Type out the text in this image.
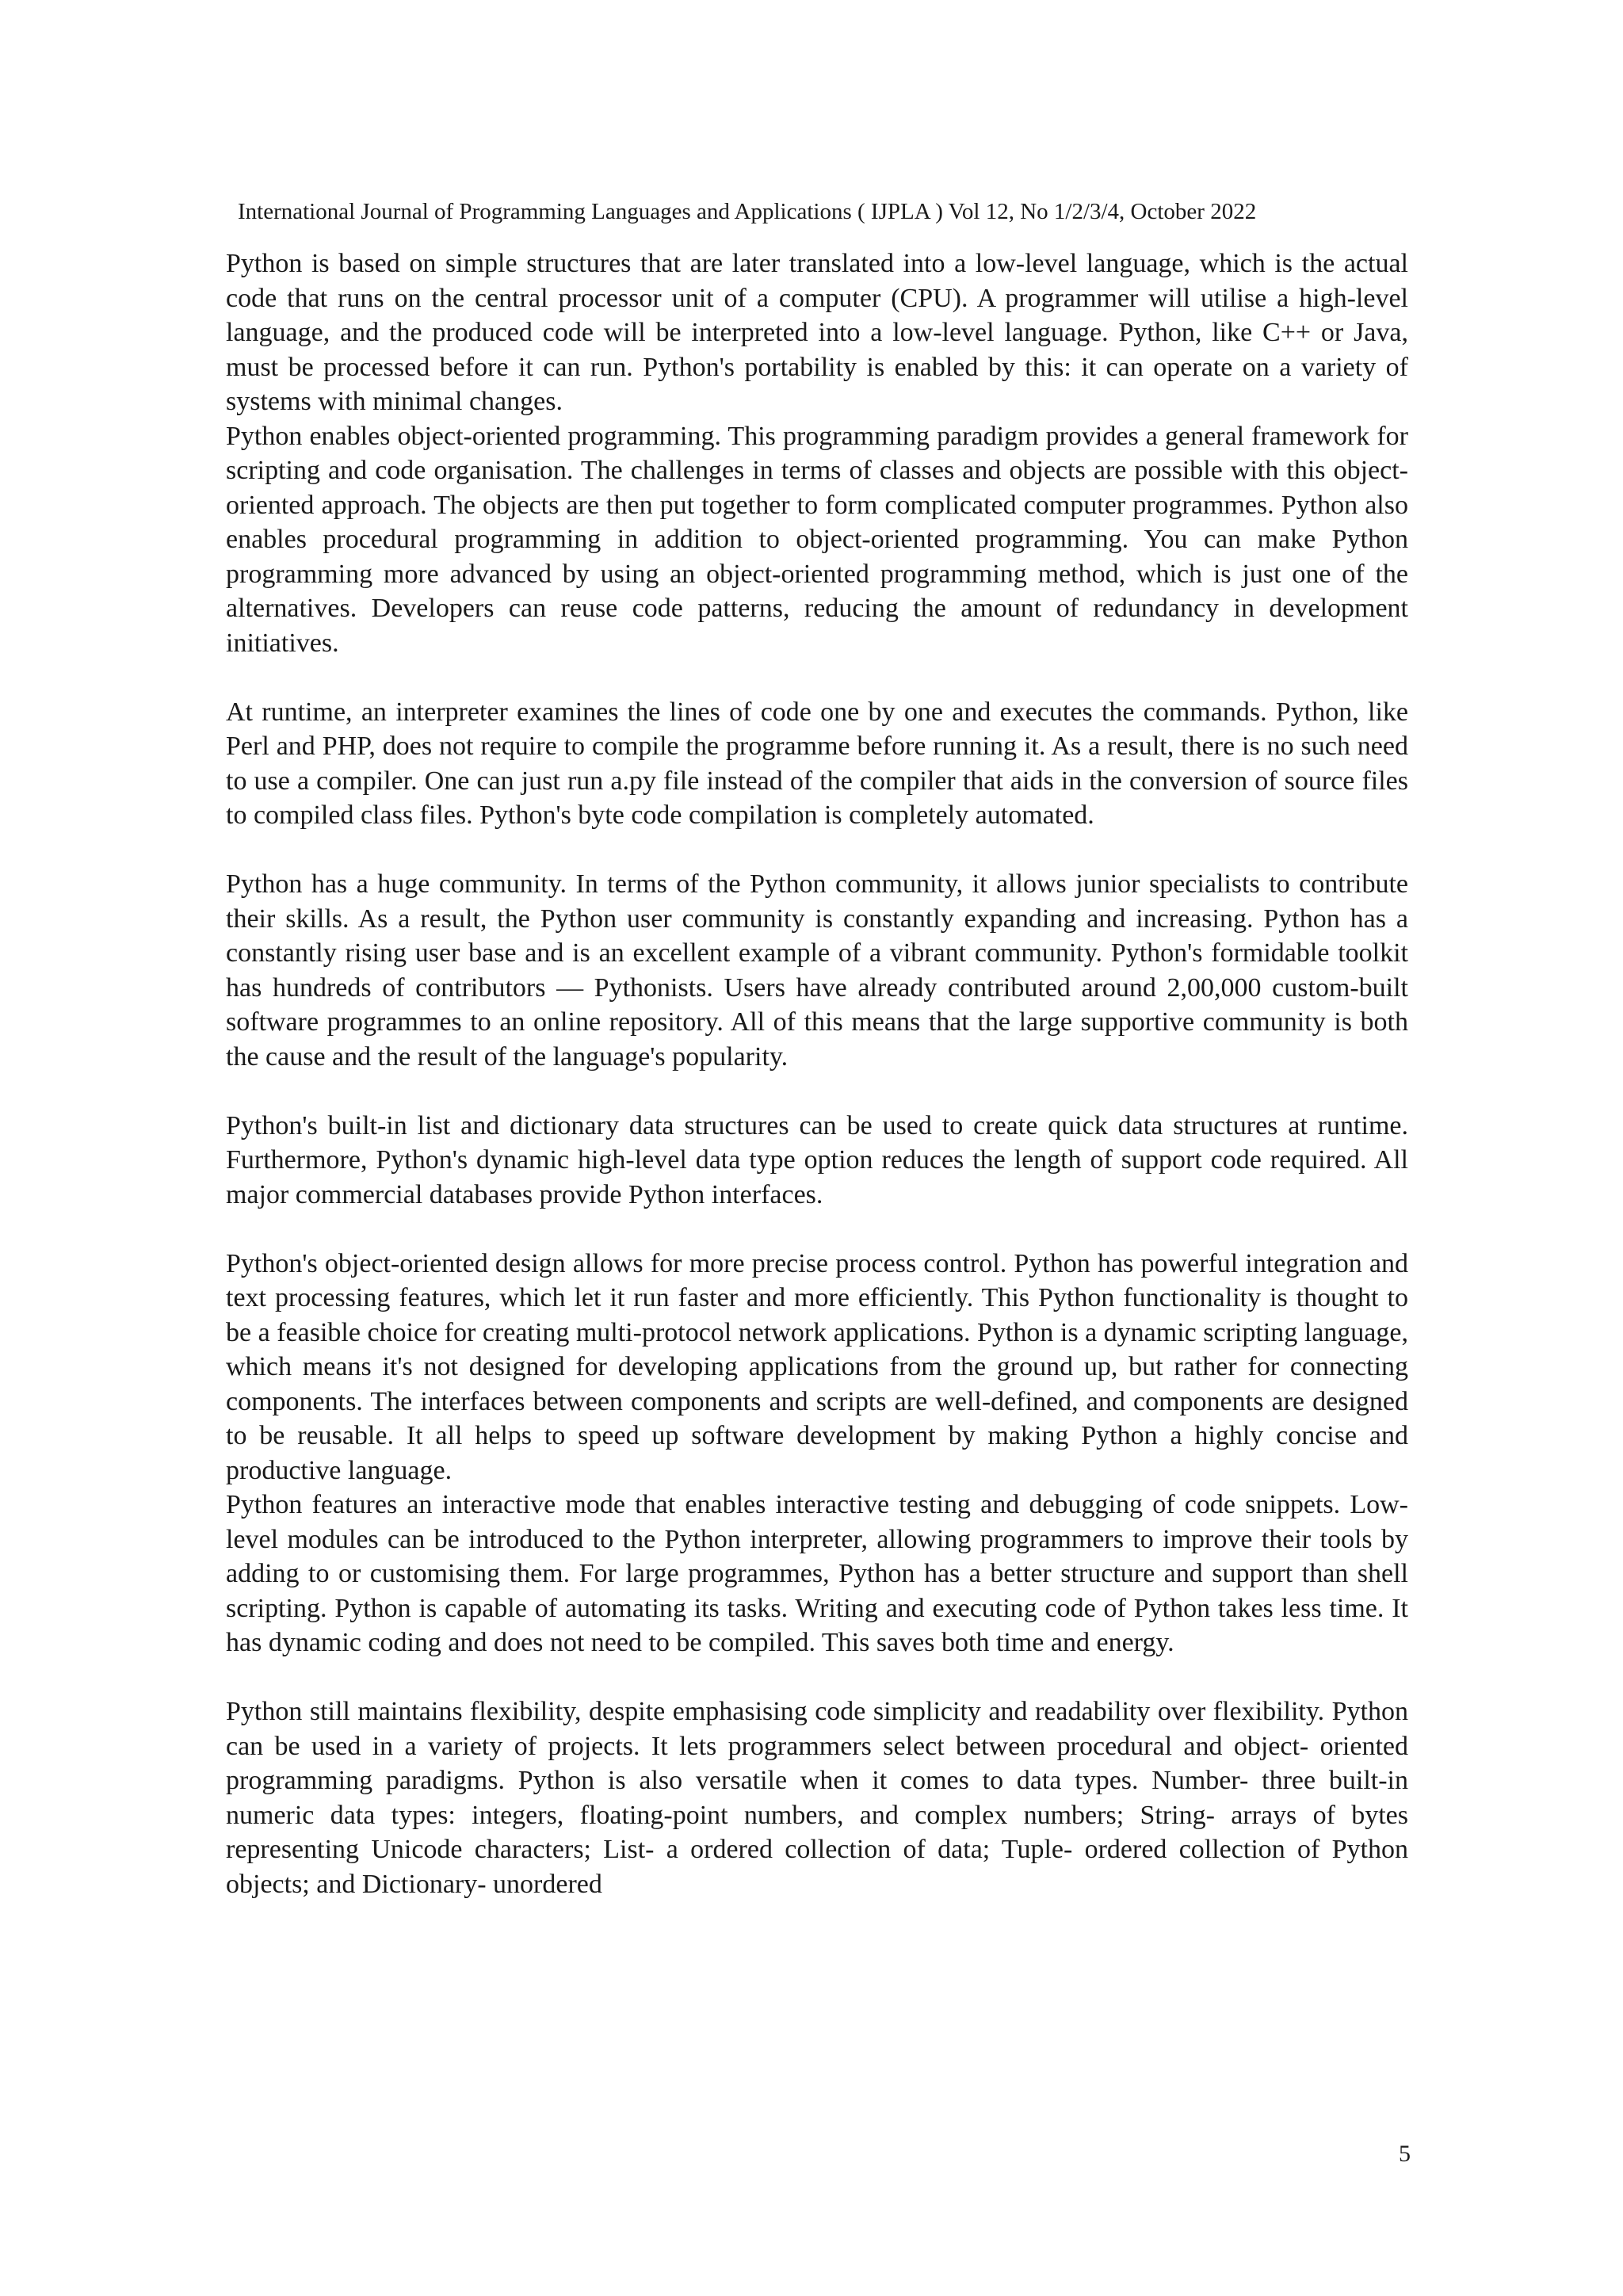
International Journal of Programming Languages and Applications ( IJPLA ) Vol 12, No 1/2/3/4, October 2022

Python is based on simple structures that are later translated into a low-level language, which is the actual code that runs on the central processor unit of a computer (CPU). A programmer will utilise a high-level language, and the produced code will be interpreted into a low-level language. Python, like C++ or Java, must be processed before it can run. Python's portability is enabled by this: it can operate on a variety of systems with minimal changes.

Python enables object-oriented programming. This programming paradigm provides a general framework for scripting and code organisation. The challenges in terms of classes and objects are possible with this object-oriented approach. The objects are then put together to form complicated computer programmes. Python also enables procedural programming in addition to object-oriented programming. You can make Python programming more advanced by using an object-oriented programming method, which is just one of the alternatives. Developers can reuse code patterns, reducing the amount of redundancy in development initiatives.

At runtime, an interpreter examines the lines of code one by one and executes the commands. Python, like Perl and PHP, does not require to compile the programme before running it. As a result, there is no such need to use a compiler. One can just run a.py file instead of the compiler that aids in the conversion of source files to compiled class files. Python's byte code compilation is completely automated.

Python has a huge community. In terms of the Python community, it allows junior specialists to contribute their skills. As a result, the Python user community is constantly expanding and increasing. Python has a constantly rising user base and is an excellent example of a vibrant community. Python's formidable toolkit has hundreds of contributors — Pythonists. Users have already contributed around 2,00,000 custom-built software programmes to an online repository. All of this means that the large supportive community is both the cause and the result of the language's popularity.

Python's built-in list and dictionary data structures can be used to create quick data structures at runtime. Furthermore, Python's dynamic high-level data type option reduces the length of support code required. All major commercial databases provide Python interfaces.

Python's object-oriented design allows for more precise process control. Python has powerful integration and text processing features, which let it run faster and more efficiently. This Python functionality is thought to be a feasible choice for creating multi-protocol network applications. Python is a dynamic scripting language, which means it's not designed for developing applications from the ground up, but rather for connecting components. The interfaces between components and scripts are well-defined, and components are designed to be reusable. It all helps to speed up software development by making Python a highly concise and productive language.

Python features an interactive mode that enables interactive testing and debugging of code snippets. Low-level modules can be introduced to the Python interpreter, allowing programmers to improve their tools by adding to or customising them. For large programmes, Python has a better structure and support than shell scripting. Python is capable of automating its tasks. Writing and executing code of Python takes less time. It has dynamic coding and does not need to be compiled. This saves both time and energy.

Python still maintains flexibility, despite emphasising code simplicity and readability over flexibility. Python can be used in a variety of projects. It lets programmers select between procedural and object- oriented programming paradigms. Python is also versatile when it comes to data types. Number- three built-in numeric data types: integers, floating-point numbers, and complex numbers; String- arrays of bytes representing Unicode characters; List- a ordered collection of data; Tuple- ordered collection of Python objects; and Dictionary- unordered

5
